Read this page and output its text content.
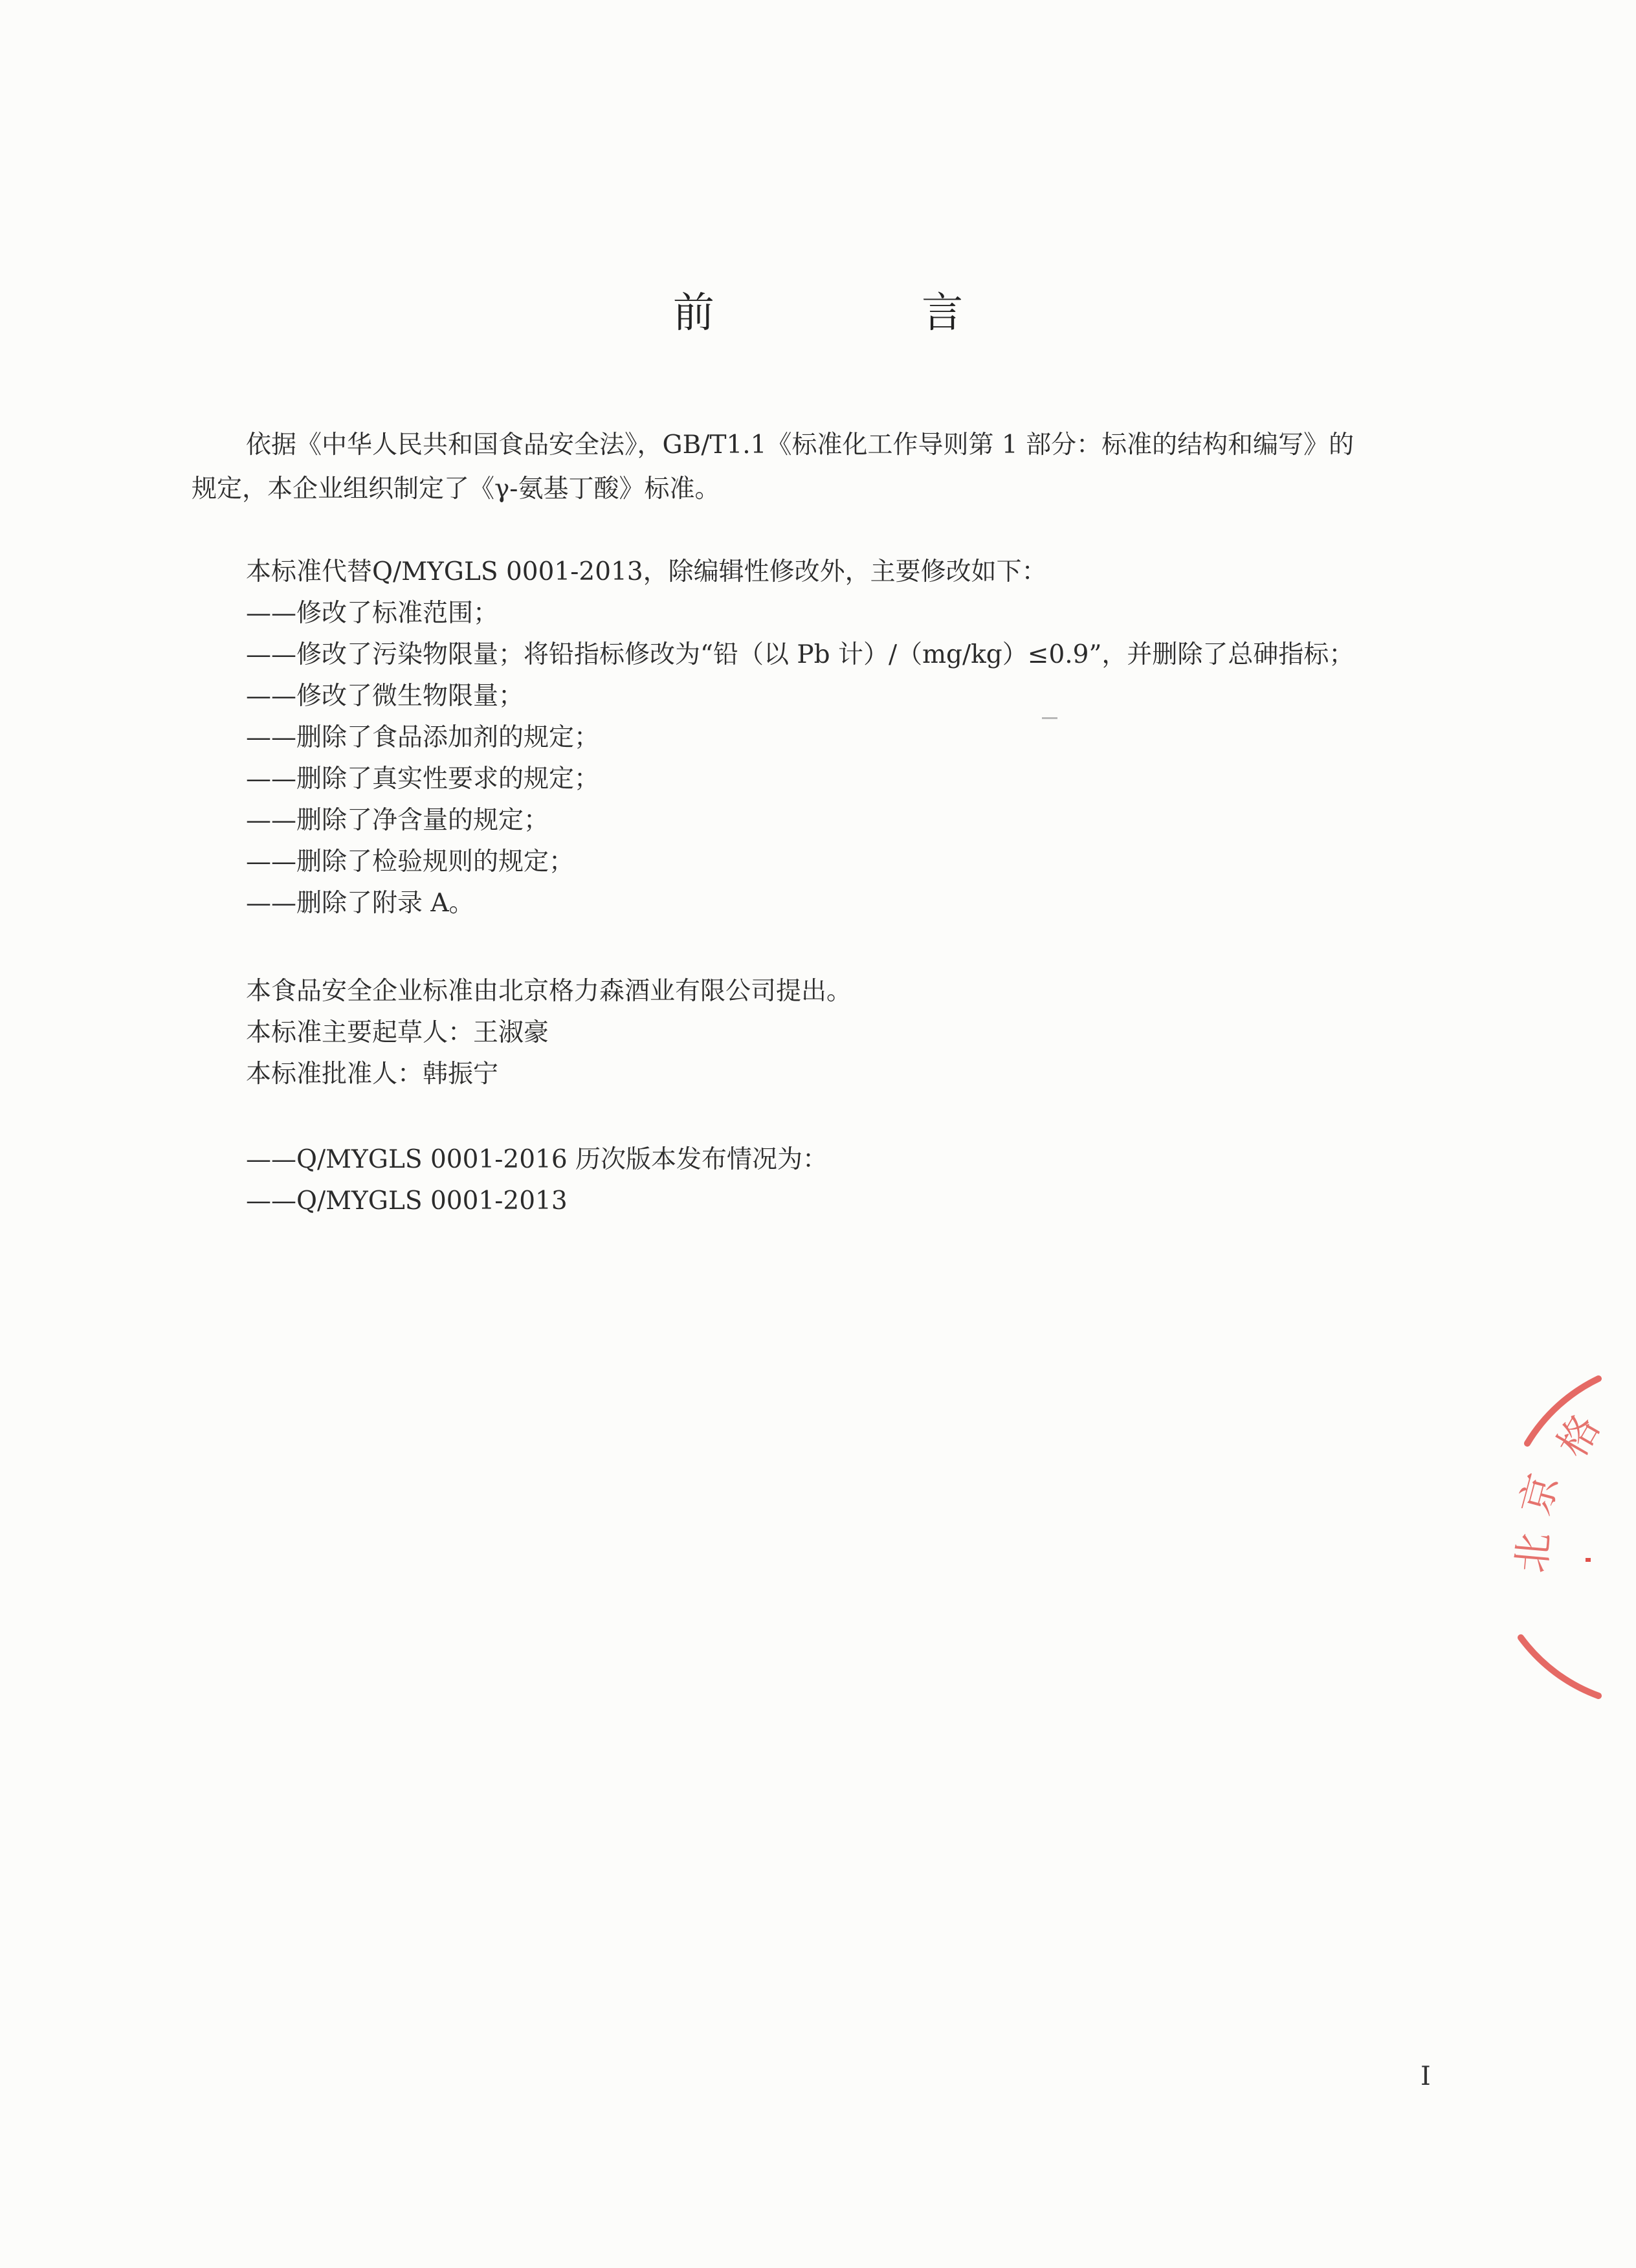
前 言
依据《中华人民共和国食品安全法》，GB/T1.1《标准化工作导则第 1 部分：标准的结构和编写》的
规定，本企业组织制定了《γ-氨基丁酸》标准。
本标准代替Q/MYGLS 0001-2013，除编辑性修改外，主要修改如下：
——修改了标准范围；
——修改了污染物限量；将铅指标修改为“铅（以 Pb 计）/（mg/kg）≤0.9”，并删除了总砷指标；
——修改了微生物限量；
——删除了食品添加剂的规定；
——删除了真实性要求的规定；
——删除了净含量的规定；
——删除了检验规则的规定；
——删除了附录 A。
本食品安全企业标准由北京格力森酒业有限公司提出。
本标准主要起草人：王淑豪
本标准批准人：韩振宁
——Q/MYGLS 0001-2016 历次版本发布情况为：
——Q/MYGLS 0001-2013
格
京
北
I
